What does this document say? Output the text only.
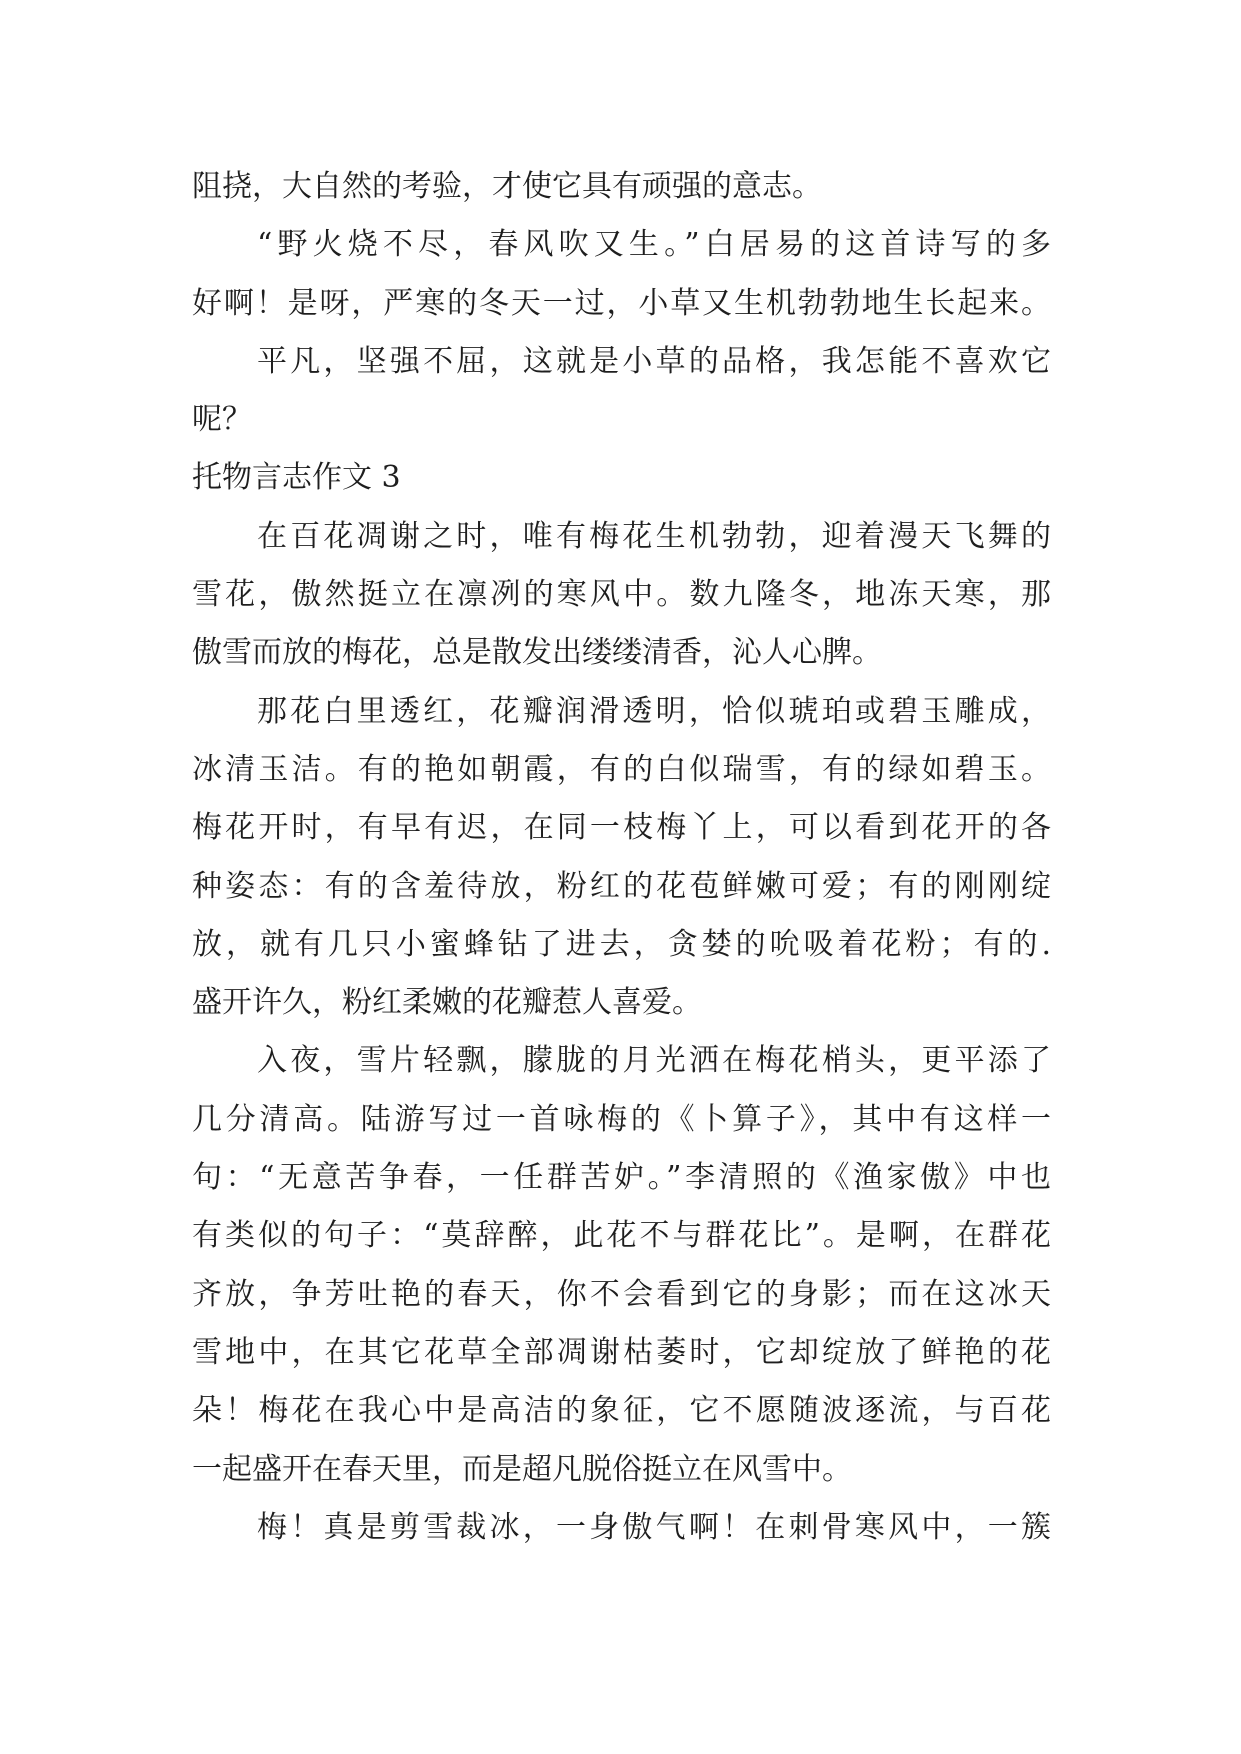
阻挠，大自然的考验，才使它具有顽强的意志。
“野火烧不尽，春风吹又生。”白居易的这首诗写的多
好啊！是呀，严寒的冬天一过，小草又生机勃勃地生长起来。
平凡，坚强不屈，这就是小草的品格，我怎能不喜欢它
呢？
托物言志作文 3
在百花凋谢之时，唯有梅花生机勃勃，迎着漫天飞舞的
雪花，傲然挺立在凛冽的寒风中。数九隆冬，地冻天寒，那
傲雪而放的梅花，总是散发出缕缕清香，沁人心脾。
那花白里透红，花瓣润滑透明，恰似琥珀或碧玉雕成，
冰清玉洁。有的艳如朝霞，有的白似瑞雪，有的绿如碧玉。
梅花开时，有早有迟，在同一枝梅丫上，可以看到花开的各
种姿态：有的含羞待放，粉红的花苞鲜嫩可爱；有的刚刚绽
放，就有几只小蜜蜂钻了进去，贪婪的吮吸着花粉；有的.
盛开许久，粉红柔嫩的花瓣惹人喜爱。
入夜，雪片轻飘，朦胧的月光洒在梅花梢头，更平添了
几分清高。陆游写过一首咏梅的《卜算子》，其中有这样一
句：“无意苦争春，一任群苦妒。”李清照的《渔家傲》中也
有类似的句子：“莫辞醉，此花不与群花比”。是啊，在群花
齐放，争芳吐艳的春天，你不会看到它的身影；而在这冰天
雪地中，在其它花草全部凋谢枯萎时，它却绽放了鲜艳的花
朵！梅花在我心中是高洁的象征，它不愿随波逐流，与百花
一起盛开在春天里，而是超凡脱俗挺立在风雪中。
梅！真是剪雪裁冰，一身傲气啊！在刺骨寒风中，一簇
